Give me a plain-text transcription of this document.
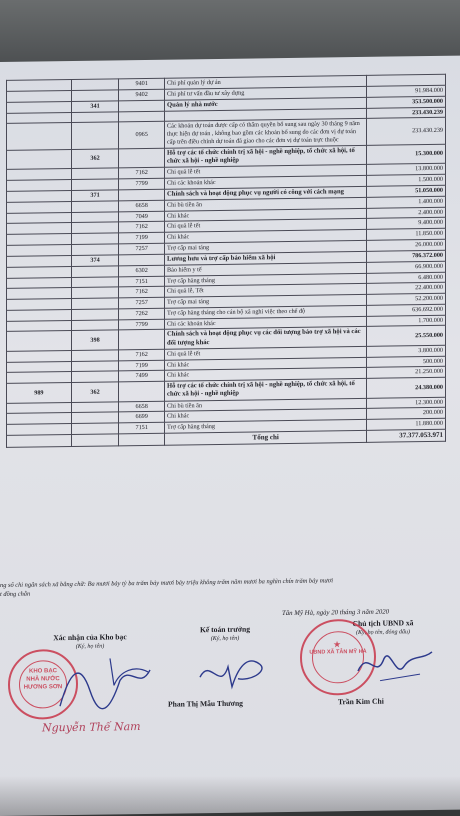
		9401	Chi phí quản lý dự án	
		9402	Chi phí tư vấn đầu tư xây dựng	91.984.000
	341		Quản lý nhà nước	353.500.000
				233.430.239
		0965	Các khoản dự toán được cấp có thẩm quyền bổ sung sau ngày 30 tháng 9 năm thực hiện dự toán , không bao gồm các khoản bổ sung do các đơn vị dự toán cấp trên điều chỉnh dự toán đã giao cho các đơn vị dự toán trực thuộc	233.430.239
	362		Hỗ trợ các tổ chức chính trị xã hội - nghề nghiệp, tổ chức xã hội, tổ chức xã hội - nghề nghiệp	15.300.000
		7162	Chi quà lễ tết	13.800.000
		7799	Chi các khoản khác	1.500.000
	371		Chính sách và hoạt động phục vụ người có công với cách mạng	51.050.000
		6658	Chi bù tiền ăn	1.400.000
		7049	Chi khác	2.400.000
		7162	Chi quà lễ tết	9.400.000
		7199	Chi khác	11.850.000
		7257	Trợ cấp mai táng	26.000.000
	374		Lương hưu và trợ cấp bảo hiểm xã hội	786.372.000
		6302	Bảo hiểm y tế	66.900.000
		7151	Trợ cấp hàng tháng	6.480.000
		7162	Chi quà lễ, Tết	22.400.000
		7257	Trợ cấp mai táng	52.200.000
		7262	Trợ cấp hàng tháng cho cán bộ xã nghỉ việc theo chế độ	636.692.000
		7799	Chi các khoản khác	1.700.000
	398		Chính sách và hoạt động phục vụ các đối tượng bảo trợ xã hội và các đối tượng khác	25.550.000
		7162	Chi quà lễ tết	3.800.000
		7199	Chi khác	500.000
		7499	Chi khác	21.250.000
989	362		Hỗ trợ các tổ chức chính trị xã hội - nghề nghiệp, tổ chức xã hội, tổ chức xã hội - nghề nghiệp	24.380.000
		6658	Chi bù tiền ăn	12.300.000
		6699	Chi khác	200.000
		7151	Trợ cấp hàng tháng	11.880.000
			Tổng chi	37.377.053.971
ng số chi ngân sách xã bằng chữ: Ba mươi bảy tỷ ba trăm bảy mươi bảy triệu không trăm năm mươi ba nghìn chín trăm bảy mươi
t đồng chẵn
Tân Mỹ Hà, ngày 20 tháng 3 năm 2020
Xác nhận của Kho bạc
(Ký, họ tên)
Kế toán trưởng
(Ký, họ tên)
Chủ tịch UBND xã
(Ký, họ tên, đóng dấu)
KHO BẠC
NHÀ NƯỚC
HƯƠNG SƠN
Nguyễn Thế Nam
Phan Thị Mẫu Thương
UBND XÃ TÂN MỸ HÀ
★
Trần Kim Chi
